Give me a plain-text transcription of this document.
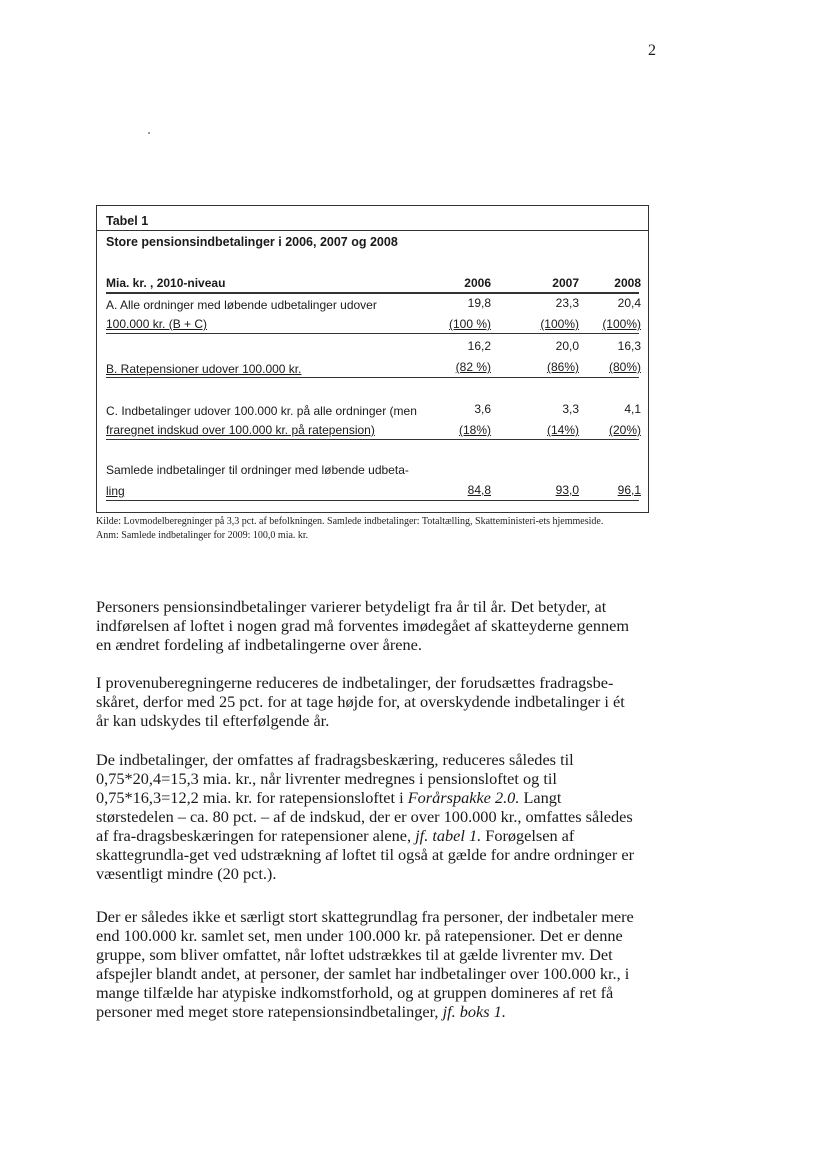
2
Tabel 1
Store pensionsindbetalinger i 2006, 2007 og 2008
Mia. kr. , 2010-niveau	2006	2007	2008
A. Alle ordninger med løbende udbetalinger udover
100.000 kr. (B + C)
19,8	23,3	20,4
(100 %)	(100%)	(100%)
16,2	20,0	16,3
B. Ratepensioner udover 100.000 kr.	(82 %)	(86%)	(80%)
C. Indbetalinger udover 100.000 kr. på alle ordninger (men
fraregnet indskud over 100.000 kr. på ratepension)
3,6	3,3	4,1
(18%)	(14%)	(20%)
Samlede indbetalinger til ordninger med løbende udbeta-
ling	84,8	93,0	96,1
Kilde: Lovmodelberegninger på 3,3 pct. af befolkningen. Samlede indbetalinger: Totaltælling, Skatteministeri-ets hjemmeside.
Anm: Samlede indbetalinger for 2009: 100,0 mia. kr.

Personers pensionsindbetalinger varierer betydeligt fra år til år. Det betyder, at indførelsen af loftet i nogen grad må forventes imødegået af skatteyderne gennem en ændret fordeling af indbetalingerne over årene.

I provenuberegningerne reduceres de indbetalinger, der forudsættes fradragsbe-skåret, derfor med 25 pct. for at tage højde for, at overskydende indbetalinger i ét år kan udskydes til efterfølgende år.

De indbetalinger, der omfattes af fradragsbeskæring, reduceres således til 0,75*20,4=15,3 mia. kr., når livrenter medregnes i pensionsloftet og til 0,75*16,3=12,2 mia. kr. for ratepensionsloftet i Forårspakke 2.0. Langt størstedelen – ca. 80 pct. – af de indskud, der er over 100.000 kr., omfattes således af fra-dragsbeskæringen for ratepensioner alene, jf. tabel 1. Forøgelsen af skattegrundla-get ved udstrækning af loftet til også at gælde for andre ordninger er væsentligt mindre (20 pct.).

Der er således ikke et særligt stort skattegrundlag fra personer, der indbetaler mere end 100.000 kr. samlet set, men under 100.000 kr. på ratepensioner. Det er denne gruppe, som bliver omfattet, når loftet udstrækkes til at gælde livrenter mv. Det afspejler blandt andet, at personer, der samlet har indbetalinger over 100.000 kr., i mange tilfælde har atypiske indkomstforhold, og at gruppen domineres af ret få personer med meget store ratepensionsindbetalinger, jf. boks 1.
